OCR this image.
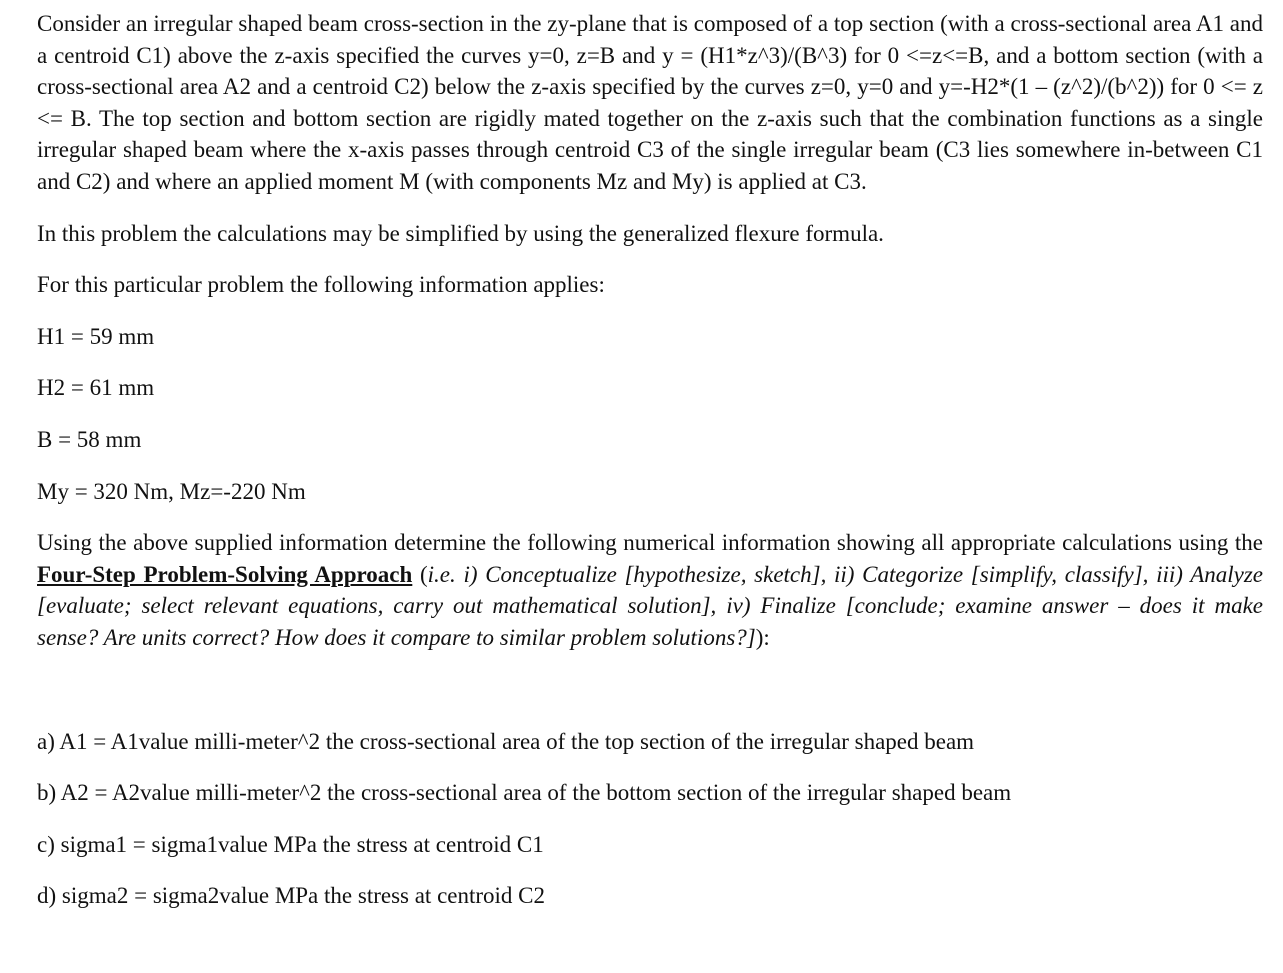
Consider an irregular shaped beam cross-section in the zy-plane that is composed of a top section (with a cross-sectional area A1 and a centroid C1) above the z-axis specified the curves y=0, z=B and y = (H1*z^3)/(B^3) for 0 <=z<=B, and a bottom section (with a cross-sectional area A2 and a centroid C2) below the z-axis specified by the curves z=0, y=0 and y=-H2*(1 – (z^2)/(b^2)) for 0 <= z <= B. The top section and bottom section are rigidly mated together on the z-axis such that the combination functions as a single irregular shaped beam where the x-axis passes through centroid C3 of the single irregular beam (C3 lies somewhere in-between C1 and C2) and where an applied moment M (with components Mz and My) is applied at C3.

In this problem the calculations may be simplified by using the generalized flexure formula.

For this particular problem the following information applies:

H1 = 59 mm

H2 = 61 mm

B = 58 mm

My = 320 Nm, Mz=-220 Nm

Using the above supplied information determine the following numerical information showing all appropriate calculations using the Four-Step Problem-Solving Approach (i.e. i) Conceptualize [hypothesize, sketch], ii) Categorize [simplify, classify], iii) Analyze [evaluate; select relevant equations, carry out mathematical solution], iv) Finalize [conclude; examine answer – does it make sense? Are units correct? How does it compare to similar problem solutions?]):

a) A1 = A1value milli-meter^2 the cross-sectional area of the top section of the irregular shaped beam

b) A2 = A2value milli-meter^2 the cross-sectional area of the bottom section of the irregular shaped beam

c) sigma1 = sigma1value MPa the stress at centroid C1

d) sigma2 = sigma2value MPa the stress at centroid C2
